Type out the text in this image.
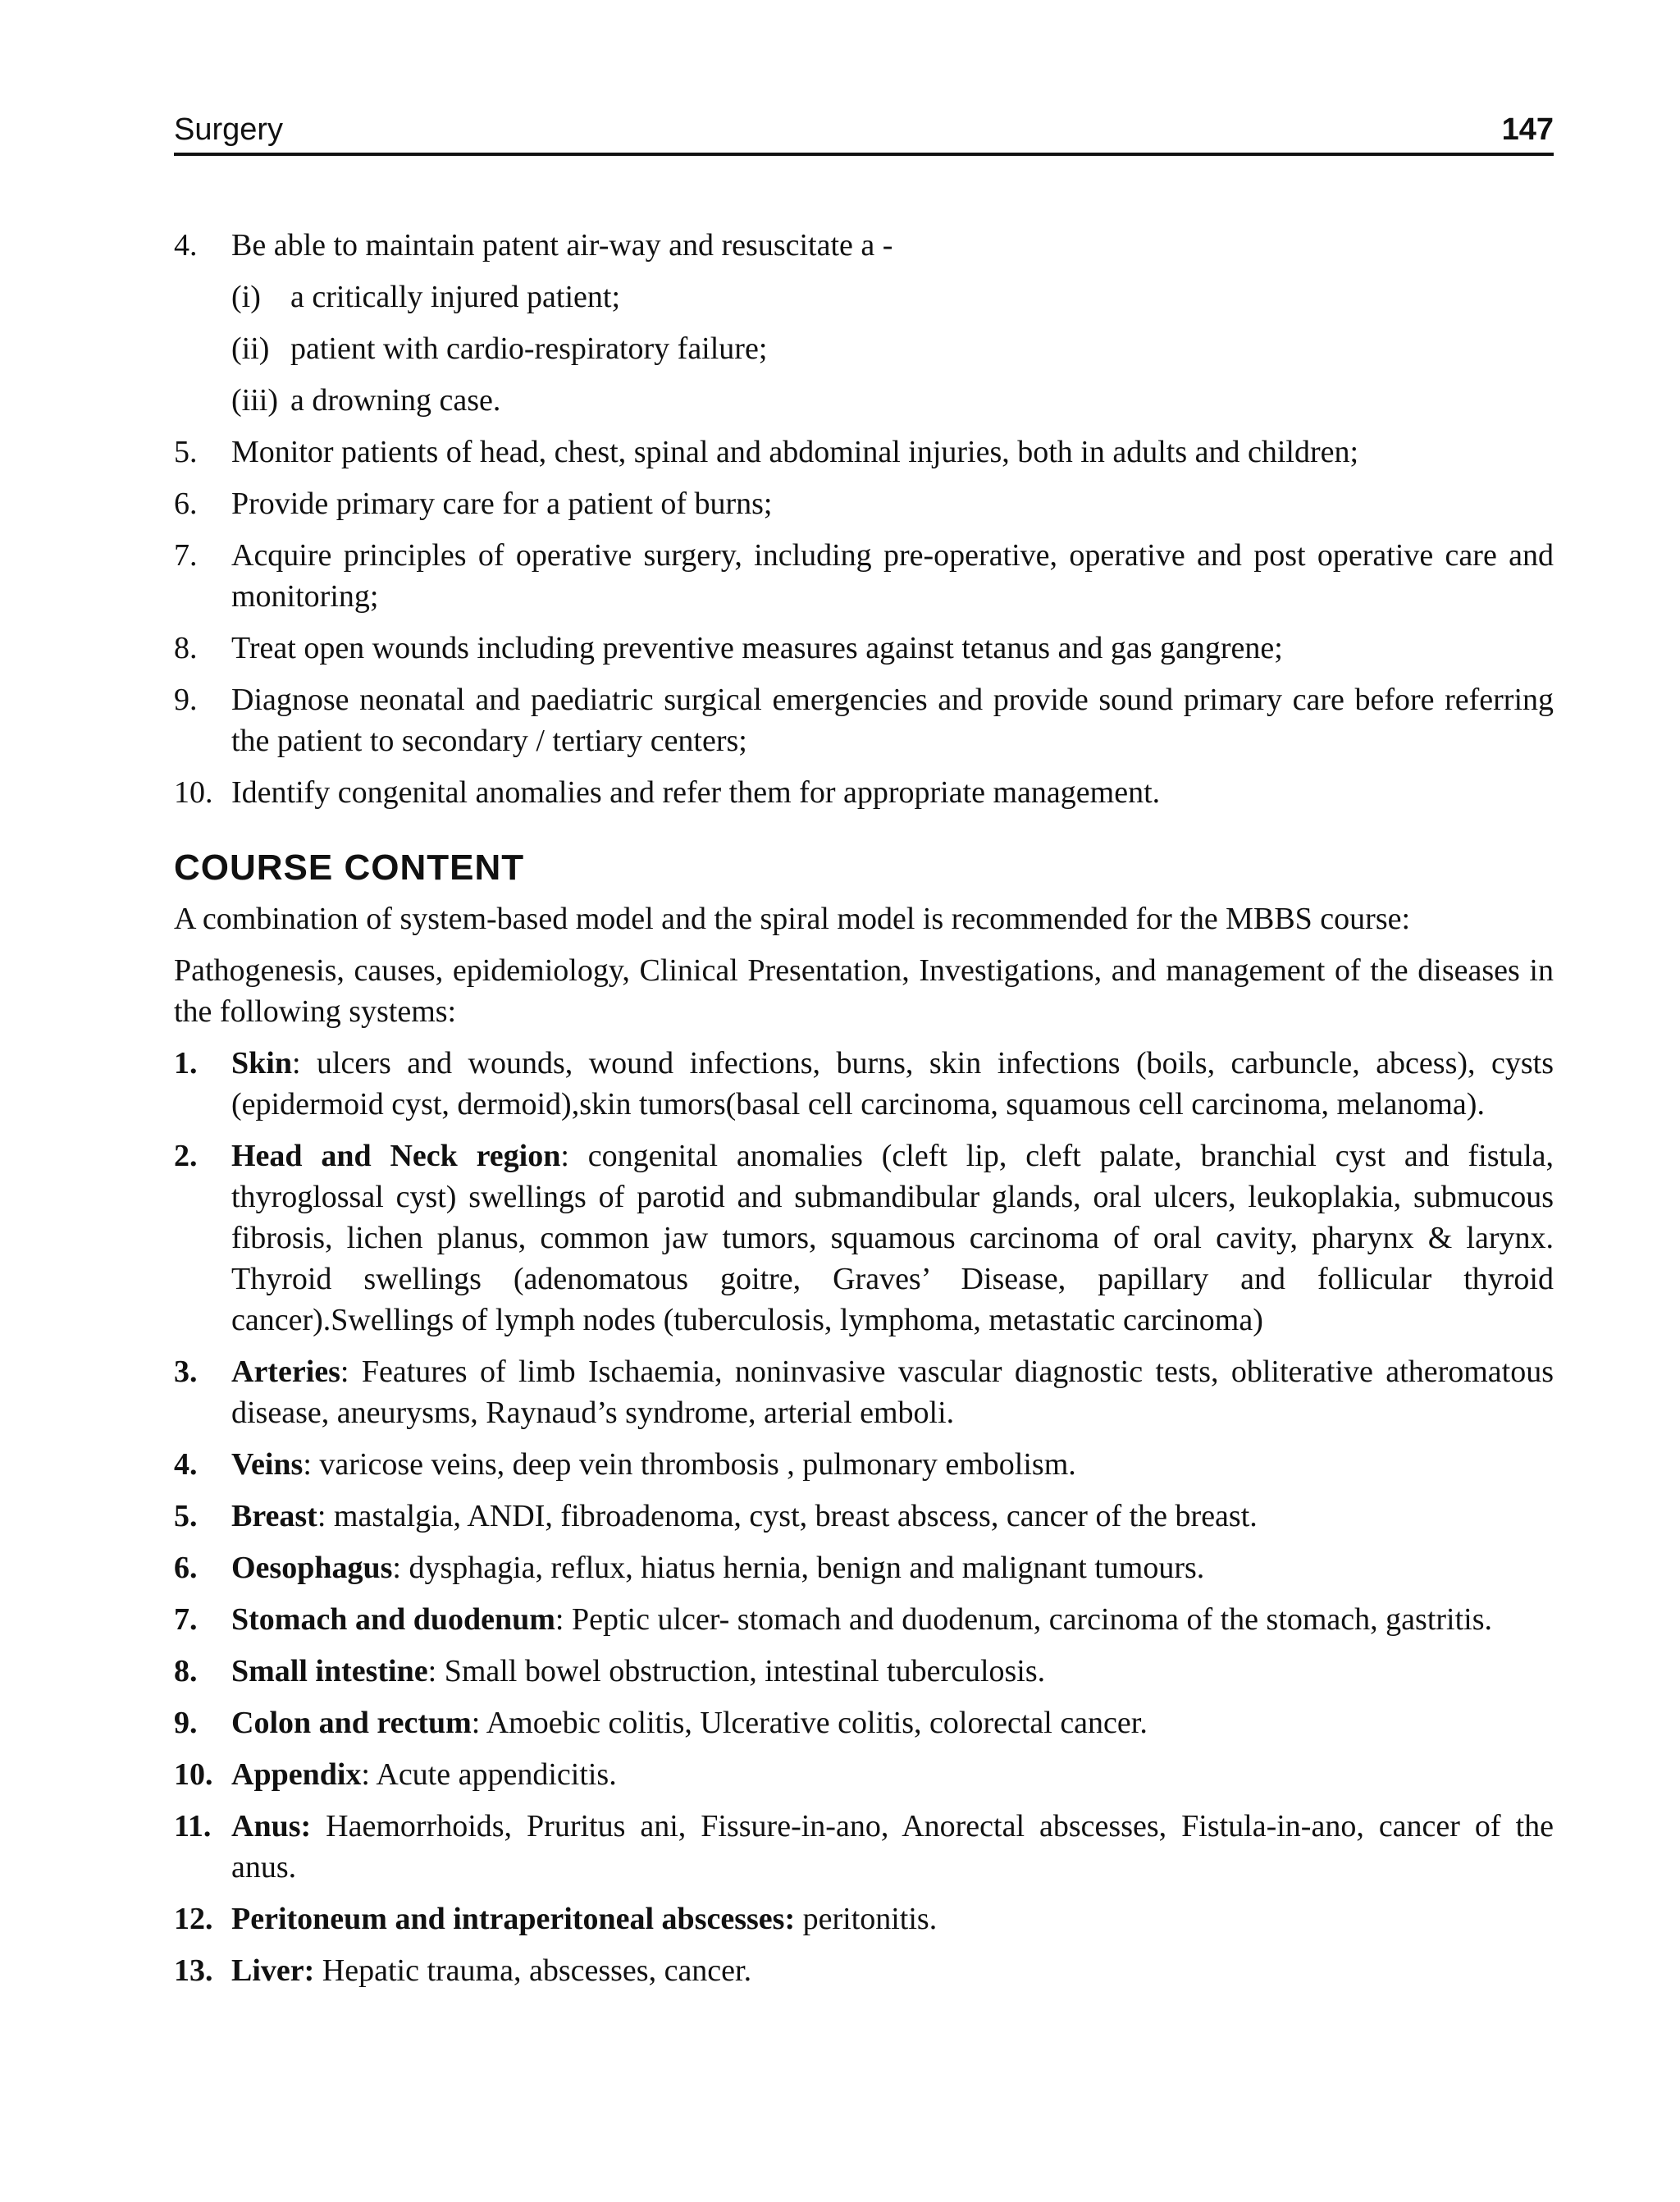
Surgery	147
4. Be able to maintain patent air-way and resuscitate a -
(i) a critically injured patient;
(ii) patient with cardio-respiratory failure;
(iii) a drowning case.
5. Monitor patients of head, chest, spinal and abdominal injuries, both in adults and children;
6. Provide primary care for a patient of burns;
7. Acquire principles of operative surgery, including pre-operative, operative and post operative care and monitoring;
8. Treat open wounds including preventive measures against tetanus and gas gangrene;
9. Diagnose neonatal and paediatric surgical emergencies and provide sound primary care before referring the patient to secondary / tertiary centers;
10. Identify congenital anomalies and refer them for appropriate management.
COURSE CONTENT
A combination of system-based model and the spiral model is recommended for the MBBS course:
Pathogenesis, causes, epidemiology, Clinical Presentation, Investigations, and management of the diseases in the following systems:
1. Skin: ulcers and wounds, wound infections, burns, skin infections (boils, carbuncle, abcess), cysts (epidermoid cyst, dermoid),skin tumors(basal cell carcinoma, squamous cell carcinoma, melanoma).
2. Head and Neck region: congenital anomalies (cleft lip, cleft palate, branchial cyst and fistula, thyroglossal cyst) swellings of parotid and submandibular glands, oral ulcers, leukoplakia, submucous fibrosis, lichen planus, common jaw tumors, squamous carcinoma of oral cavity, pharynx & larynx. Thyroid swellings (adenomatous goitre, Graves’ Disease, papillary and follicular thyroid cancer).Swellings of lymph nodes (tuberculosis, lymphoma, metastatic carcinoma)
3. Arteries: Features of limb Ischaemia, noninvasive vascular diagnostic tests, obliterative atheromatous disease, aneurysms, Raynaud’s syndrome, arterial emboli.
4. Veins: varicose veins, deep vein thrombosis , pulmonary embolism.
5. Breast: mastalgia, ANDI, fibroadenoma, cyst, breast abscess, cancer of the breast.
6. Oesophagus: dysphagia, reflux, hiatus hernia, benign and malignant tumours.
7. Stomach and duodenum: Peptic ulcer- stomach and duodenum, carcinoma of the stomach, gastritis.
8. Small intestine: Small bowel obstruction, intestinal tuberculosis.
9. Colon and rectum: Amoebic colitis, Ulcerative colitis, colorectal cancer.
10. Appendix: Acute appendicitis.
11. Anus: Haemorrhoids, Pruritus ani, Fissure-in-ano, Anorectal abscesses, Fistula-in-ano, cancer of the anus.
12. Peritoneum and intraperitoneal abscesses: peritonitis.
13. Liver: Hepatic trauma, abscesses, cancer.
